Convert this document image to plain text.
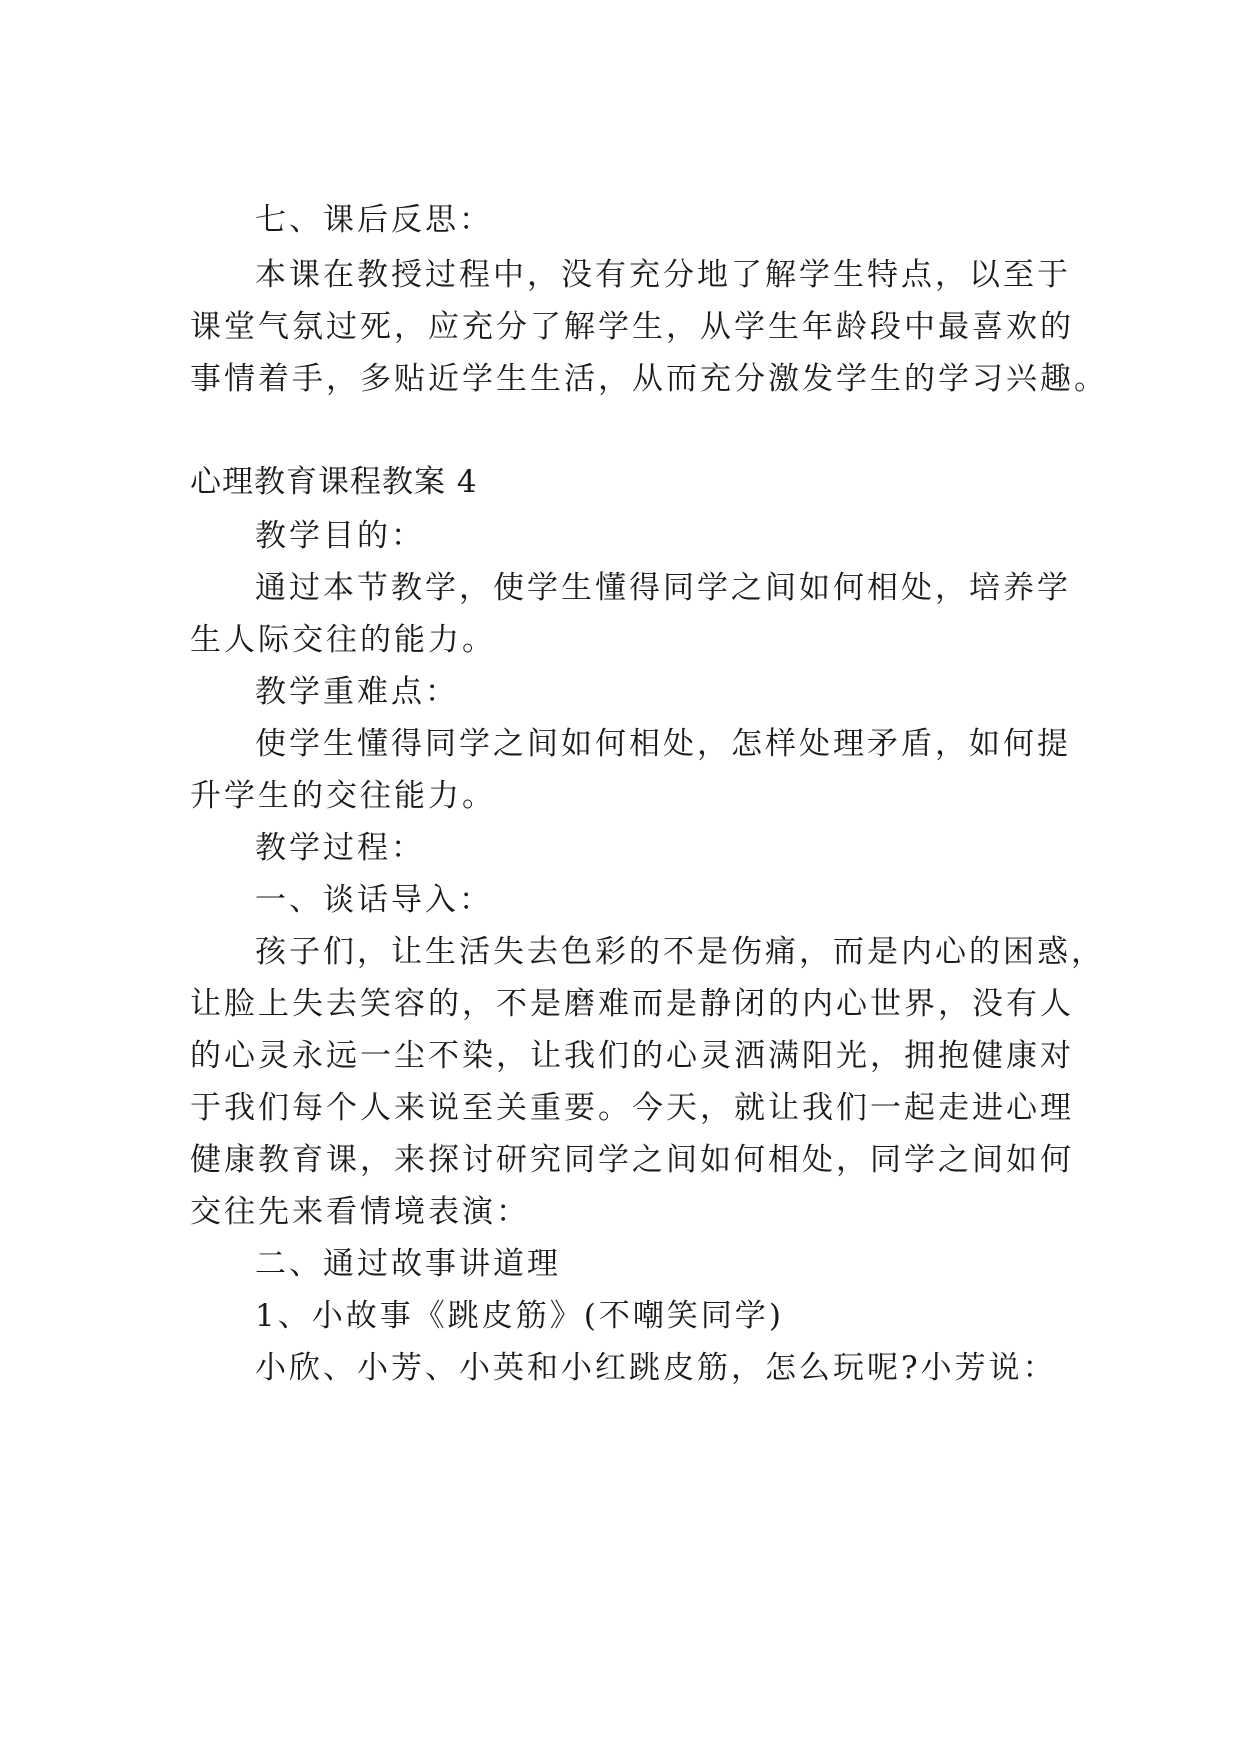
七、课后反思：
本课在教授过程中，没有充分地了解学生特点，以至于
课堂气氛过死，应充分了解学生，从学生年龄段中最喜欢的
事情着手，多贴近学生生活，从而充分激发学生的学习兴趣。
心理教育课程教案 4
教学目的：
通过本节教学，使学生懂得同学之间如何相处，培养学
生人际交往的能力。
教学重难点：
使学生懂得同学之间如何相处，怎样处理矛盾，如何提
升学生的交往能力。
教学过程：
一、谈话导入：
孩子们，让生活失去色彩的不是伤痛，而是内心的困惑，
让脸上失去笑容的，不是磨难而是静闭的内心世界，没有人
的心灵永远一尘不染，让我们的心灵洒满阳光，拥抱健康对
于我们每个人来说至关重要。今天，就让我们一起走进心理
健康教育课，来探讨研究同学之间如何相处，同学之间如何
交往先来看情境表演：
二、通过故事讲道理
1、小故事《跳皮筋》(不嘲笑同学)
小欣、小芳、小英和小红跳皮筋，怎么玩呢?小芳说：
